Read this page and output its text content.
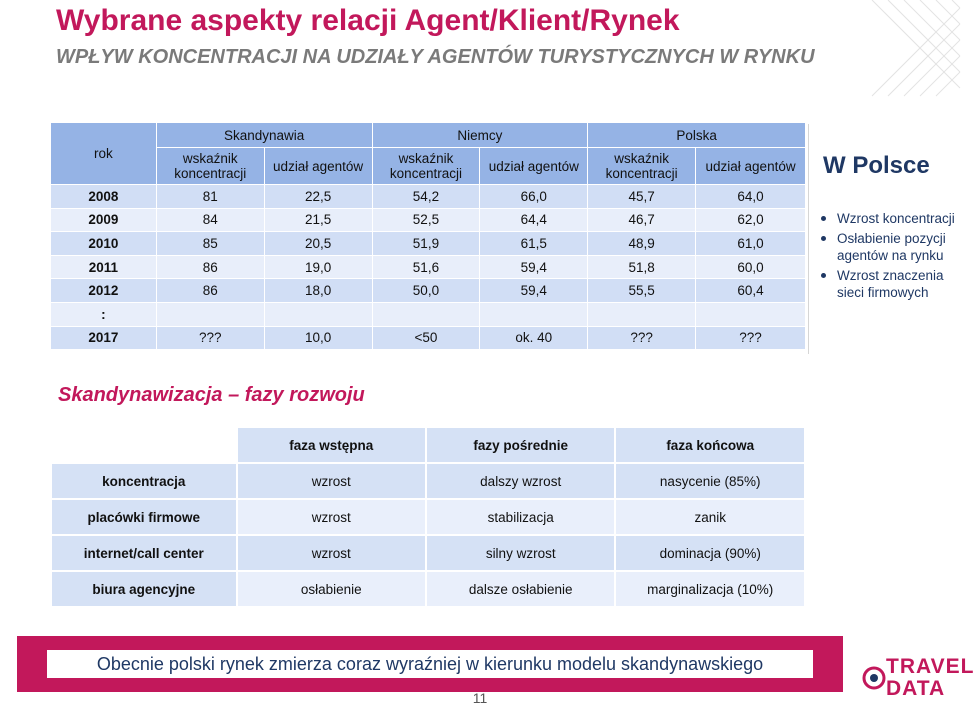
Wybrane aspekty relacji Agent/Klient/Rynek
WPŁYW KONCENTRACJI NA UDZIAŁY AGENTÓW TURYSTYCZNYCH W RYNKU
rok	Skandynawia		Niemcy		Polska	
	wskaźnik koncentracji	udział agentów	wskaźnik koncentracji	udział agentów	wskaźnik koncentracji	udział agentów
2008	81	22,5	54,2	66,0	45,7	64,0
2009	84	21,5	52,5	64,4	46,7	62,0
2010	85	20,5	51,9	61,5	48,9	61,0
2011	86	19,0	51,6	59,4	51,8	60,0
2012	86	18,0	50,0	59,4	55,5	60,4
:						
2017	???	10,0	<50	ok. 40	???	???
W Polsce
Wzrost koncentracji
Osłabienie pozycji agentów na rynku
Wzrost znaczenia sieci firmowych
Skandynawizacja – fazy rozwoju
	faza wstępna	fazy pośrednie	faza końcowa
koncentracja	wzrost	dalszy wzrost	nasycenie (85%)
placówki firmowe	wzrost	stabilizacja	zanik
internet/call center	wzrost	silny wzrost	dominacja (90%)
biura agencyjne	osłabienie	dalsze osłabienie	marginalizacja (10%)
Obecnie polski rynek zmierza coraz wyraźniej w kierunku modelu skandynawskiego
11
TRAVEL
DATA
